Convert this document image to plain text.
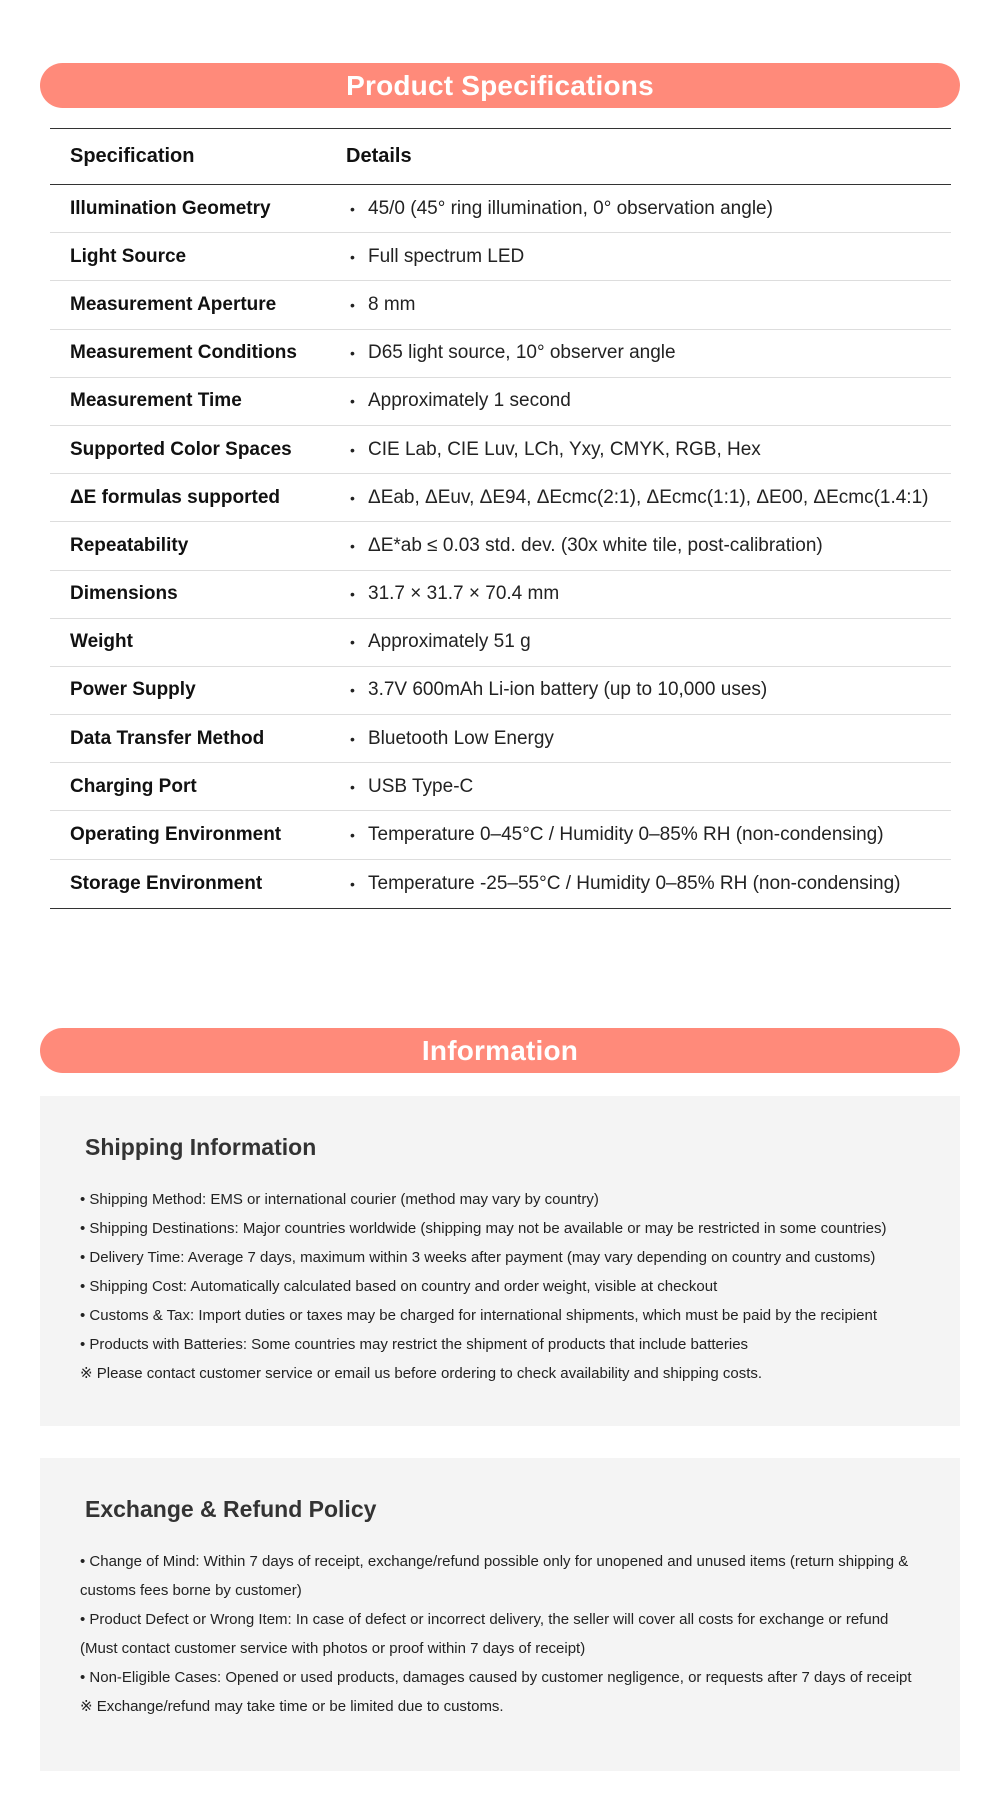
Product Specifications
Specification	Details
Illumination Geometry	• 45/0 (45° ring illumination, 0° observation angle)
Light Source	• Full spectrum LED
Measurement Aperture	• 8 mm
Measurement Conditions	• D65 light source, 10° observer angle
Measurement Time	• Approximately 1 second
Supported Color Spaces	• CIE Lab, CIE Luv, LCh, Yxy, CMYK, RGB, Hex
ΔE formulas supported	• ΔEab, ΔEuv, ΔE94, ΔEcmc(2:1), ΔEcmc(1:1), ΔE00, ΔEcmc(1.4:1)
Repeatability	• ΔE*ab ≤ 0.03 std. dev. (30x white tile, post-calibration)
Dimensions	• 31.7 × 31.7 × 70.4 mm
Weight	• Approximately 51 g
Power Supply	• 3.7V 600mAh Li-ion battery (up to 10,000 uses)
Data Transfer Method	• Bluetooth Low Energy
Charging Port	• USB Type-C
Operating Environment	• Temperature 0–45°C / Humidity 0–85% RH (non-condensing)
Storage Environment	• Temperature -25–55°C / Humidity 0–85% RH (non-condensing)
Information
Shipping Information
• Shipping Method: EMS or international courier (method may vary by country)
• Shipping Destinations: Major countries worldwide (shipping may not be available or may be restricted in some countries)
• Delivery Time: Average 7 days, maximum within 3 weeks after payment (may vary depending on country and customs)
• Shipping Cost: Automatically calculated based on country and order weight, visible at checkout
• Customs & Tax: Import duties or taxes may be charged for international shipments, which must be paid by the recipient
• Products with Batteries: Some countries may restrict the shipment of products that include batteries
※ Please contact customer service or email us before ordering to check availability and shipping costs.
Exchange & Refund Policy
• Change of Mind: Within 7 days of receipt, exchange/refund possible only for unopened and unused items (return shipping &
customs fees borne by customer)
• Product Defect or Wrong Item: In case of defect or incorrect delivery, the seller will cover all costs for exchange or refund
(Must contact customer service with photos or proof within 7 days of receipt)
• Non-Eligible Cases: Opened or used products, damages caused by customer negligence, or requests after 7 days of receipt
※ Exchange/refund may take time or be limited due to customs.
